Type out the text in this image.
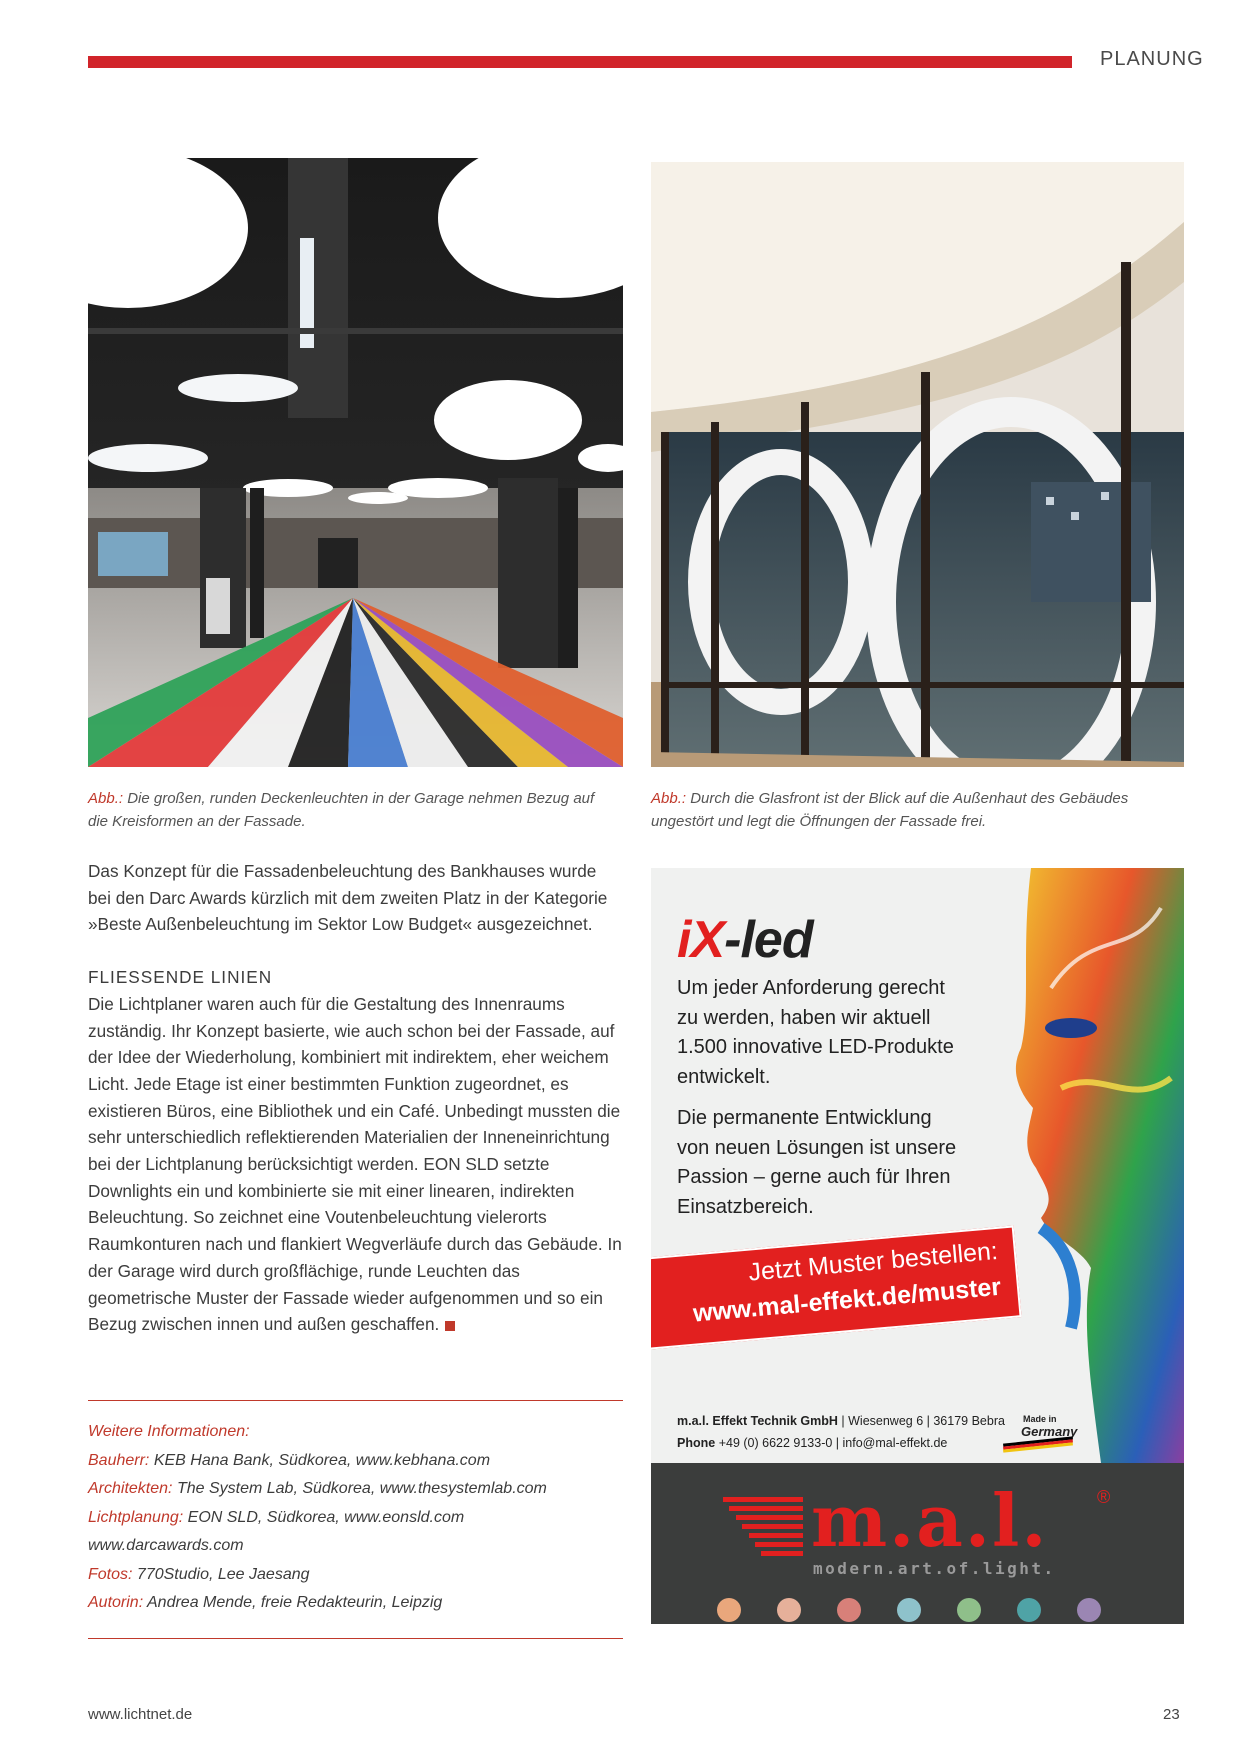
PLANUNG
Abb.: Die großen, runden Deckenleuchten in der Garage nehmen Bezug auf die Kreisformen an der Fassade.
Abb.: Durch die Glasfront ist der Blick auf die Außenhaut des Gebäudes ungestört und legt die Öffnungen der Fassade frei.

Das Konzept für die Fassadenbeleuchtung des Bankhauses wurde bei den Darc Awards kürzlich mit dem zweiten Platz in der Kategorie »Beste Außenbeleuchtung im Sektor Low Budget« ausgezeichnet.

FLIESSENDE LINIEN

Die Lichtplaner waren auch für die Gestaltung des Innenraums zuständig. Ihr Konzept basierte, wie auch schon bei der Fassade, auf der Idee der Wiederholung, kombiniert mit indirektem, eher weichem Licht. Jede Etage ist einer bestimmten Funktion zugeordnet, es existieren Büros, eine Bibliothek und ein Café. Unbedingt mussten die sehr unterschiedlich reflektierenden Materialien der Inneneinrichtung bei der Lichtplanung berücksichtigt werden. EON SLD setzte Downlights ein und kombinierte sie mit einer linearen, indirekten Beleuchtung. So zeichnet eine Voutenbeleuchtung vielerorts Raumkonturen nach und flankiert Wegverläufe durch das Gebäude. In der Garage wird durch großflächige, runde Leuchten das geometrische Muster der Fassade wieder aufgenommen und so ein Bezug zwischen innen und außen geschaffen.

Weitere Informationen:
Bauherr: KEB Hana Bank, Südkorea, www.kebhana.com
Architekten: The System Lab, Südkorea, www.thesystemlab.com
Lichtplanung: EON SLD, Südkorea, www.eonsld.com
www.darcawards.com
Fotos: 770Studio, Lee Jaesang
Autorin: Andrea Mende, freie Redakteurin, Leipzig
iX-led
Um jeder Anforderung gerecht
zu werden, haben wir aktuell
1.500 innovative LED-Produkte
entwickelt.
Die permanente Entwicklung
von neuen Lösungen ist unsere
Passion – gerne auch für Ihren
Einsatzbereich.
Jetzt Muster bestellen:
www.mal-effekt.de/muster
m.a.l. Effekt Technik GmbH | Wiesenweg 6 | 36179 Bebra
Phone +49 (0) 6622 9133-0 | info@mal-effekt.de
Made in
Germany
m.a.l.	®
modern.art.of.light.
www.lichtnet.de	23
